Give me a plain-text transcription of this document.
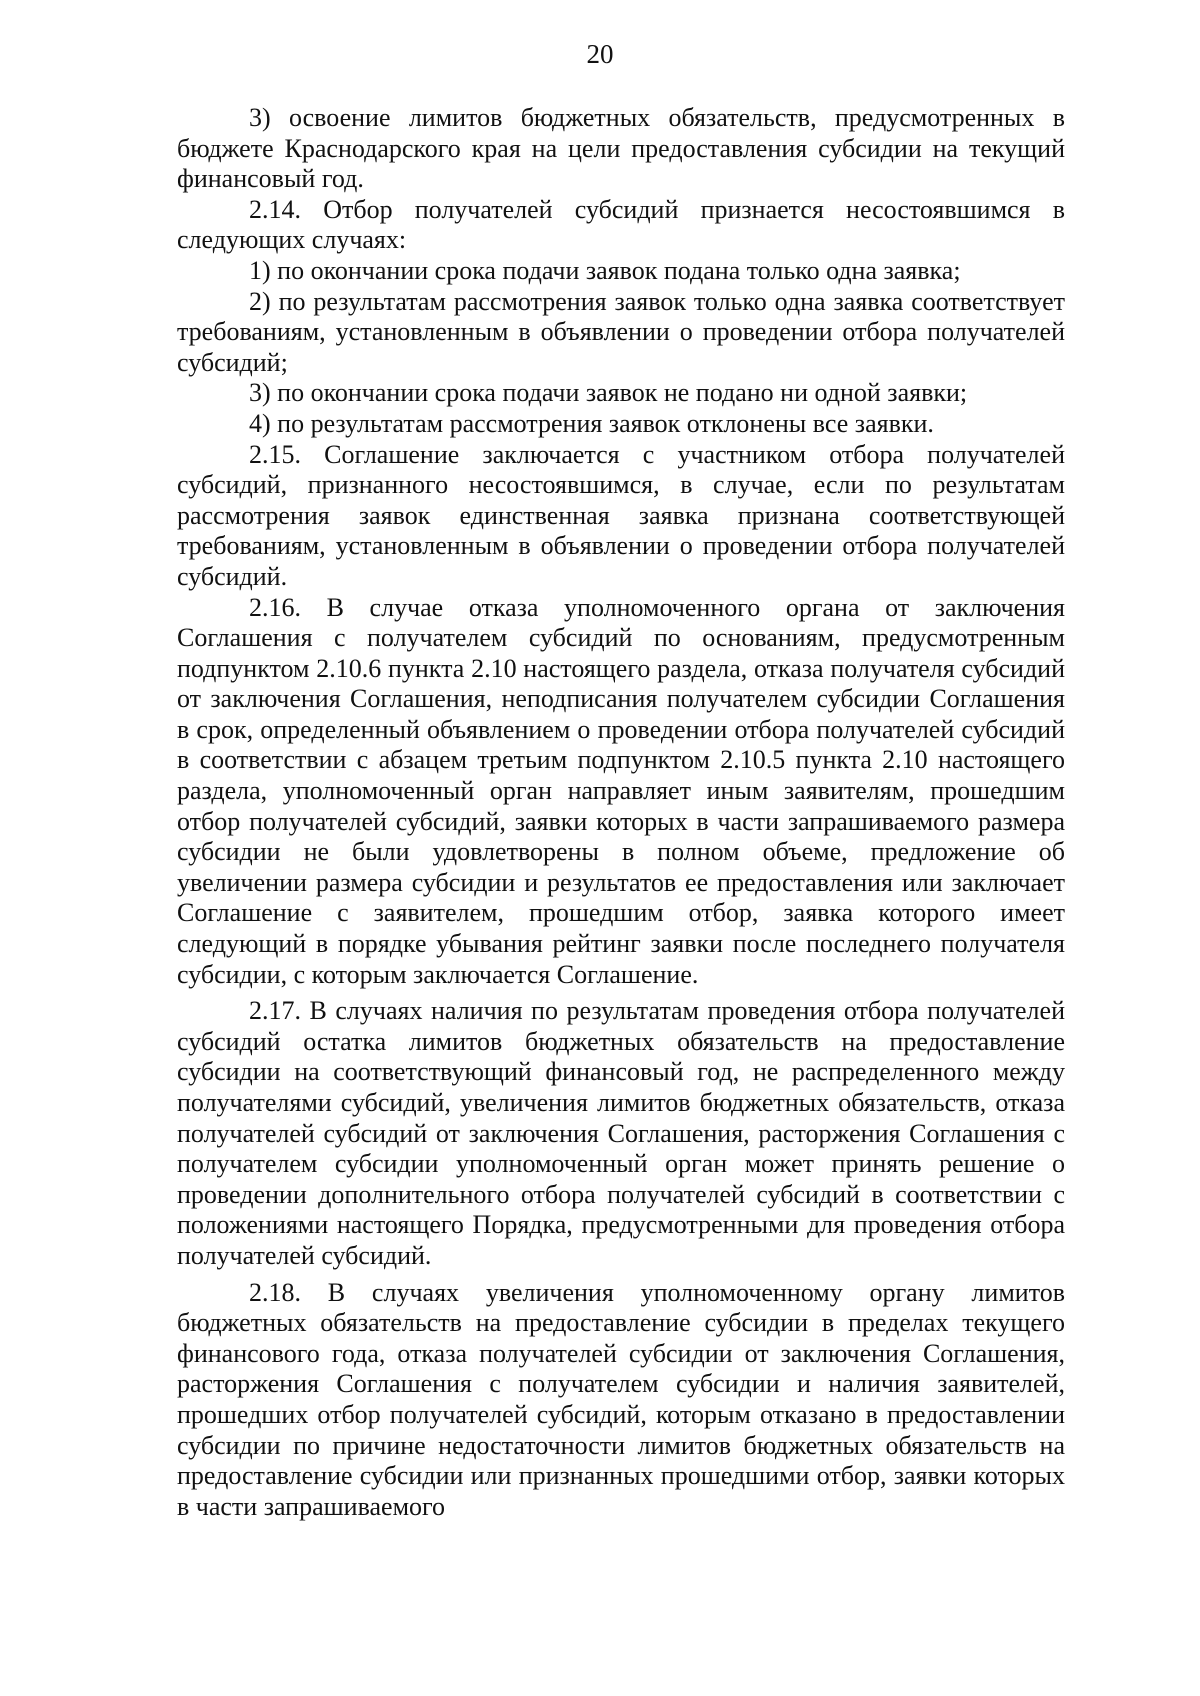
20

3) освоение лимитов бюджетных обязательств, предусмотренных в бюджете Краснодарского края на цели предоставления субсидии на текущий финансовый год.

2.14. Отбор получателей субсидий признается несостоявшимся в следующих случаях:

1) по окончании срока подачи заявок подана только одна заявка;

2) по результатам рассмотрения заявок только одна заявка соответствует требованиям, установленным в объявлении о проведении отбора получателей субсидий;

3) по окончании срока подачи заявок не подано ни одной заявки;

4) по результатам рассмотрения заявок отклонены все заявки.

2.15. Соглашение заключается с участником отбора получателей субсидий, признанного несостоявшимся, в случае, если по результатам рассмотрения заявок единственная заявка признана соответствующей требованиям, установленным в объявлении о проведении отбора получателей субсидий.

2.16. В случае отказа уполномоченного органа от заключения Соглашения с получателем субсидий по основаниям, предусмотренным подпунктом 2.10.6 пункта 2.10 настоящего раздела, отказа получателя субсидий от заключения Соглашения, неподписания получателем субсидии Соглашения в срок, определенный объявлением о проведении отбора получателей субсидий в соответствии с абзацем третьим подпунктом 2.10.5 пункта 2.10 настоящего раздела, уполномоченный орган направляет иным заявителям, прошедшим отбор получателей субсидий, заявки которых в части запрашиваемого размера субсидии не были удовлетворены в полном объеме, предложение об увеличении размера субсидии и результатов ее предоставления или заключает Соглашение с заявителем, прошедшим отбор, заявка которого имеет следующий в порядке убывания рейтинг заявки после последнего получателя субсидии, с которым заключается Соглашение.

2.17. В случаях наличия по результатам проведения отбора получателей субсидий остатка лимитов бюджетных обязательств на предоставление субсидии на соответствующий финансовый год, не распределенного между получателями субсидий, увеличения лимитов бюджетных обязательств, отказа получателей субсидий от заключения Соглашения, расторжения Соглашения с получателем субсидии уполномоченный орган может принять решение о проведении дополнительного отбора получателей субсидий в соответствии с положениями настоящего Порядка, предусмотренными для проведения отбора получателей субсидий.

2.18. В случаях увеличения уполномоченному органу лимитов бюджетных обязательств на предоставление субсидии в пределах текущего финансового года, отказа получателей субсидии от заключения Соглашения, расторжения Соглашения с получателем субсидии и наличия заявителей, прошедших отбор получателей субсидий, которым отказано в предоставлении субсидии по причине недостаточности лимитов бюджетных обязательств на предоставление субсидии или признанных прошедшими отбор, заявки которых в части запрашиваемого
